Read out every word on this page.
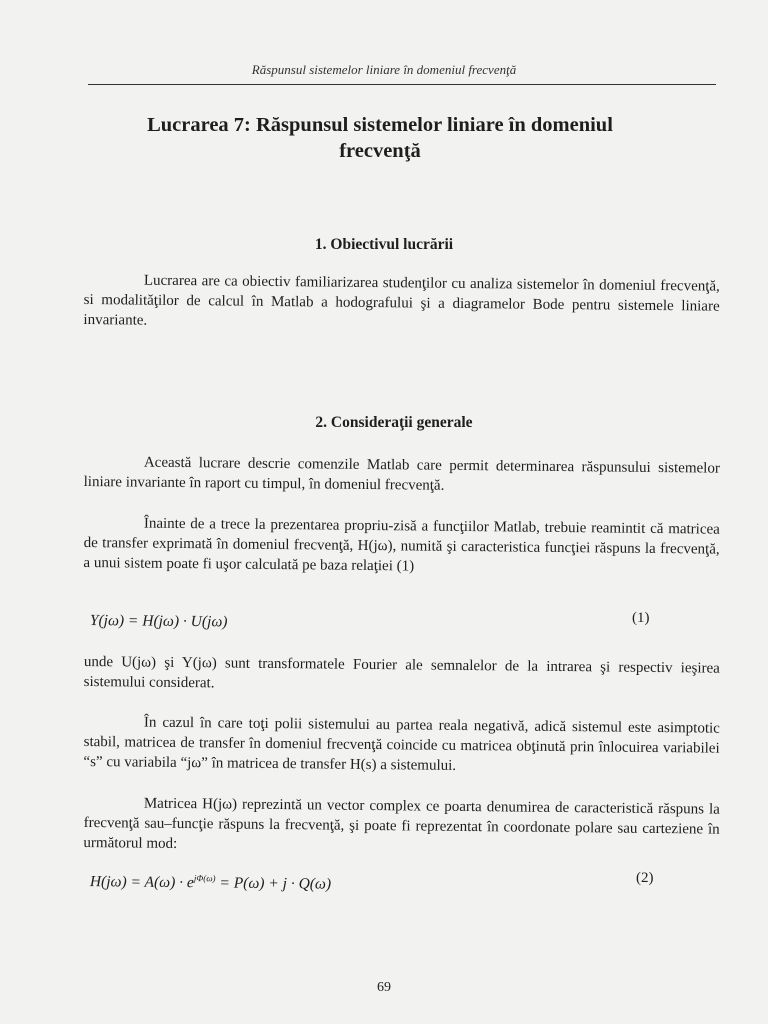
Răspunsul sistemelor liniare în domeniul frecvenţă
Lucrarea 7: Răspunsul sistemelor liniare în domeniul
frecvenţă
1. Obiectivul lucrării
Lucrarea are ca obiectiv familiarizarea studenţilor cu analiza sistemelor în domeniul frecvenţă, si modalităţilor de calcul în Matlab a hodografului şi a diagramelor Bode pentru sistemele liniare invariante.
2. Consideraţii generale
Această lucrare descrie comenzile Matlab care permit determinarea răspunsului sistemelor liniare invariante în raport cu timpul, în domeniul frecvenţă.
Înainte de a trece la prezentarea propriu-zisă a funcţiilor Matlab, trebuie reamintit că matricea de transfer exprimată în domeniul frecvenţă, H(jω), numită şi caracteristica funcţiei răspuns la frecvenţă, a unui sistem poate fi uşor calculată pe baza relaţiei (1)
Y(jω) = H(jω) · U(jω)	(1)
unde U(jω) şi Y(jω) sunt transformatele Fourier ale semnalelor de la intrarea şi respectiv ieşirea sistemului considerat.
În cazul în care toţi polii sistemului au partea reala negativă, adică sistemul este asimptotic stabil, matricea de transfer în domeniul frecvenţă coincide cu matricea obţinută prin înlocuirea variabilei “s” cu variabila “jω” în matricea de transfer H(s) a sistemului.
Matricea H(jω) reprezintă un vector complex ce poarta denumirea de caracteristică răspuns la frecvenţă sau–funcţie răspuns la frecvenţă, şi poate fi reprezentat în coordonate polare sau carteziene în următorul mod:
$H(j\omega) = A(\omega) \cdot e^{j\Phi(\omega)} = P(\omega) + j \cdot Q(\omega)$	(2)
69
